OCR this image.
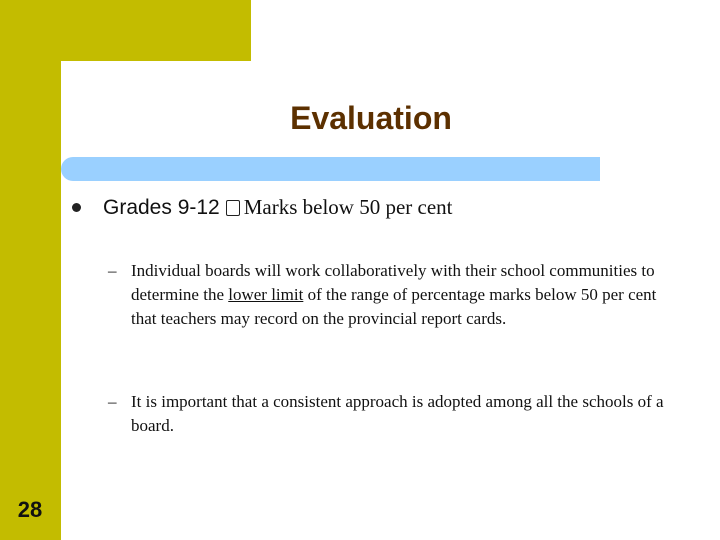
Evaluation
Grades 9-12 Marks below 50 per cent
– Individual boards will work collaboratively with their school communities to determine the lower limit of the range of percentage marks below 50 per cent that teachers may record on the provincial report cards.

– It is important that a consistent approach is adopted among all the schools of a board.

28
